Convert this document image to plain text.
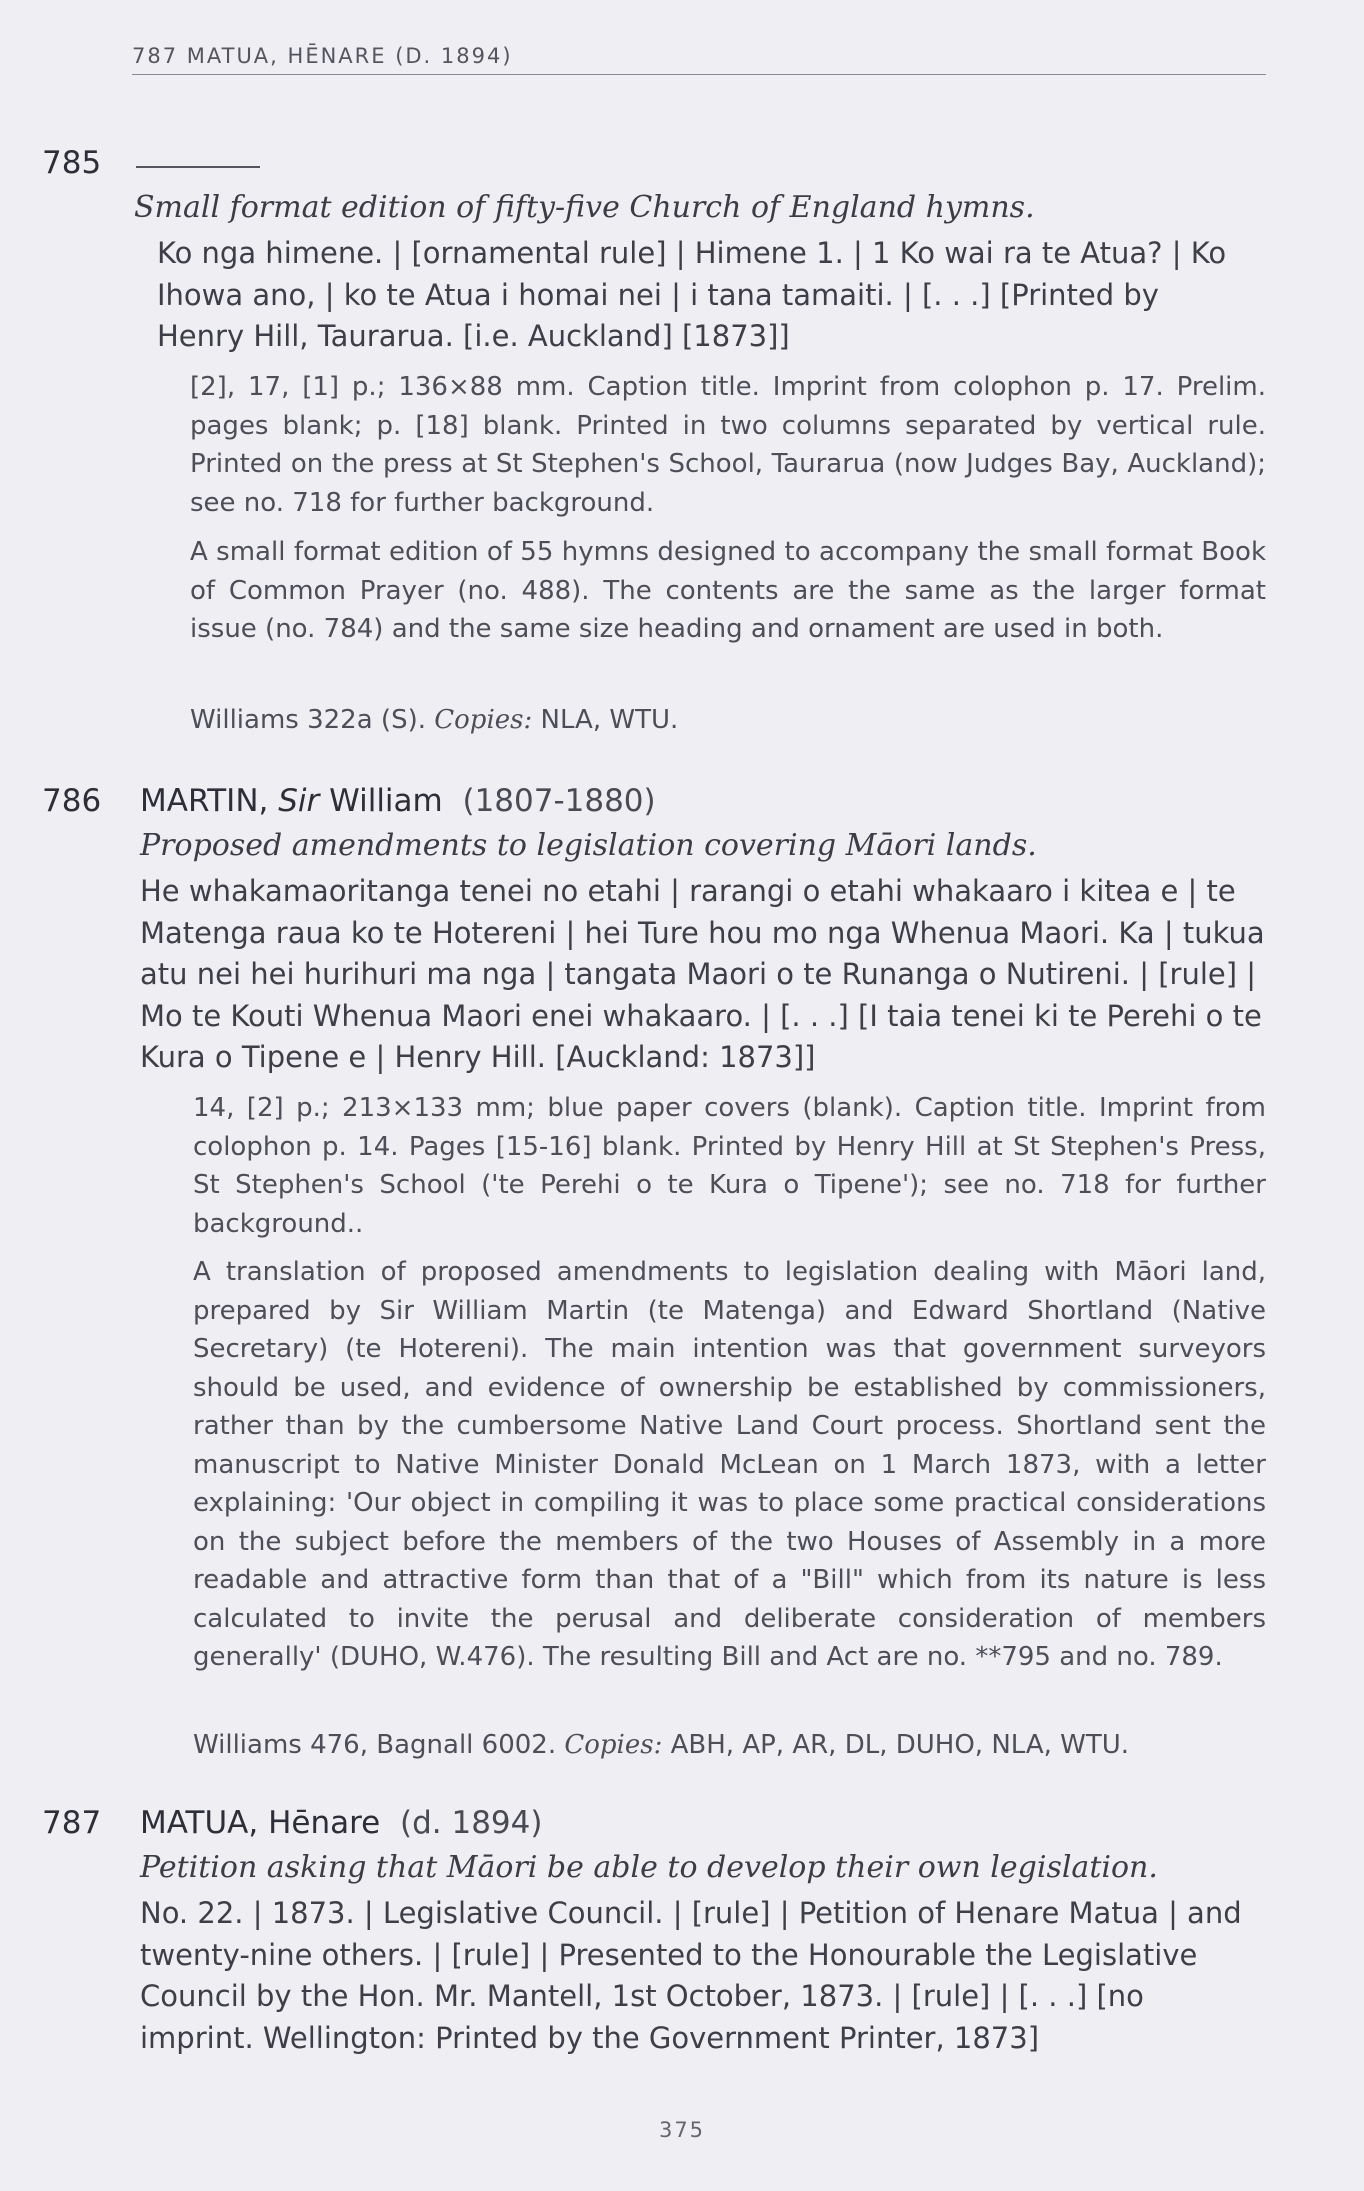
787 MATUA, HĒNARE (D. 1894)
785

Small format edition of fifty-five Church of England hymns.

Ko nga himene. | [ornamental rule] | Himene 1. | 1 Ko wai ra te Atua? | Ko Ihowa ano, | ko te Atua i homai nei | i tana tamaiti. | [. . .] [Printed by Henry Hill, Taurarua. [i.e. Auckland] [1873]]

[2], 17, [1] p.; 136×88 mm. Caption title. Imprint from colophon p. 17. Prelim. pages blank; p. [18] blank. Printed in two columns separated by vertical rule. Printed on the press at St Stephen's School, Taurarua (now Judges Bay, Auckland); see no. 718 for further background.

A small format edition of 55 hymns designed to accompany the small format Book of Common Prayer (no. 488). The contents are the same as the larger format issue (no. 784) and the same size heading and ornament are used in both.

Williams 322a (S). Copies: NLA, WTU.

786 MARTIN, Sir William (1807-1880)

Proposed amendments to legislation covering Māori lands.

He whakamaoritanga tenei no etahi | rarangi o etahi whakaaro i kitea e | te Matenga raua ko te Hotereni | hei Ture hou mo nga Whenua Maori. Ka | tukua atu nei hei hurihuri ma nga | tangata Maori o te Runanga o Nutireni. | [rule] | Mo te Kouti Whenua Maori enei whakaaro. | [. . .] [I taia tenei ki te Perehi o te Kura o Tipene e | Henry Hill. [Auckland: 1873]]

14, [2] p.; 213×133 mm; blue paper covers (blank). Caption title. Imprint from colophon p. 14. Pages [15-16] blank. Printed by Henry Hill at St Stephen's Press, St Stephen's School ('te Perehi o te Kura o Tipene'); see no. 718 for further background..

A translation of proposed amendments to legislation dealing with Māori land, prepared by Sir William Martin (te Matenga) and Edward Shortland (Native Secretary) (te Hotereni). The main intention was that government surveyors should be used, and evidence of ownership be established by commissioners, rather than by the cumbersome Native Land Court process. Shortland sent the manuscript to Native Minister Donald McLean on 1 March 1873, with a letter explaining: 'Our object in compiling it was to place some practical considerations on the subject before the members of the two Houses of Assembly in a more readable and attractive form than that of a "Bill" which from its nature is less calculated to invite the perusal and deliberate consideration of members generally' (DUHO, W.476). The resulting Bill and Act are no. **795 and no. 789.

Williams 476, Bagnall 6002. Copies: ABH, AP, AR, DL, DUHO, NLA, WTU.

787 MATUA, Hēnare (d. 1894)

Petition asking that Māori be able to develop their own legislation.

No. 22. | 1873. | Legislative Council. | [rule] | Petition of Henare Matua | and twenty-nine others. | [rule] | Presented to the Honourable the Legislative Council by the Hon. Mr. Mantell, 1st October, 1873. | [rule] | [. . .] [no imprint. Wellington: Printed by the Government Printer, 1873]

375
